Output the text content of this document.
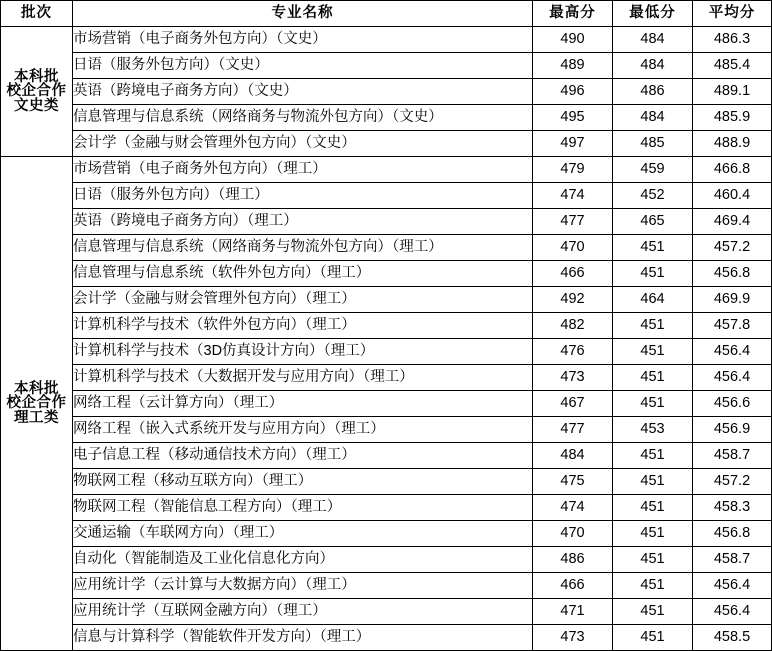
批次	专业名称	最高分	最低分	平均分

本科批
校企合作
文史类	市场营销（电子商务外包方向）（文史）	490	484	486.3
	日语（服务外包方向）（文史）	489	484	485.4
	英语（跨境电子商务方向）（文史）	496	486	489.1
	信息管理与信息系统（网络商务与物流外包方向）（文史）	495	484	485.9
	会计学（金融与财会管理外包方向）（文史）	497	485	488.9

本科批
校企合作
理工类	市场营销（电子商务外包方向）（理工）	479	459	466.8
	日语（服务外包方向）（理工）	474	452	460.4
	英语（跨境电子商务方向）（理工）	477	465	469.4
	信息管理与信息系统（网络商务与物流外包方向）（理工）	470	451	457.2
	信息管理与信息系统（软件外包方向）（理工）	466	451	456.8
	会计学（金融与财会管理外包方向）（理工）	492	464	469.9
	计算机科学与技术（软件外包方向）（理工）	482	451	457.8
	计算机科学与技术（3D仿真设计方向）（理工）	476	451	456.4
	计算机科学与技术（大数据开发与应用方向）（理工）	473	451	456.4
	网络工程（云计算方向）（理工）	467	451	456.6
	网络工程（嵌入式系统开发与应用方向）（理工）	477	453	456.9
	电子信息工程（移动通信技术方向）（理工）	484	451	458.7
	物联网工程（移动互联方向）（理工）	475	451	457.2
	物联网工程（智能信息工程方向）（理工）	474	451	458.3
	交通运输（车联网方向）（理工）	470	451	456.8
	自动化（智能制造及工业化信息化方向）	486	451	458.7
	应用统计学（云计算与大数据方向）（理工）	466	451	456.4
	应用统计学（互联网金融方向）（理工）	471	451	456.4
	信息与计算科学（智能软件开发方向）（理工）	473	451	458.5
